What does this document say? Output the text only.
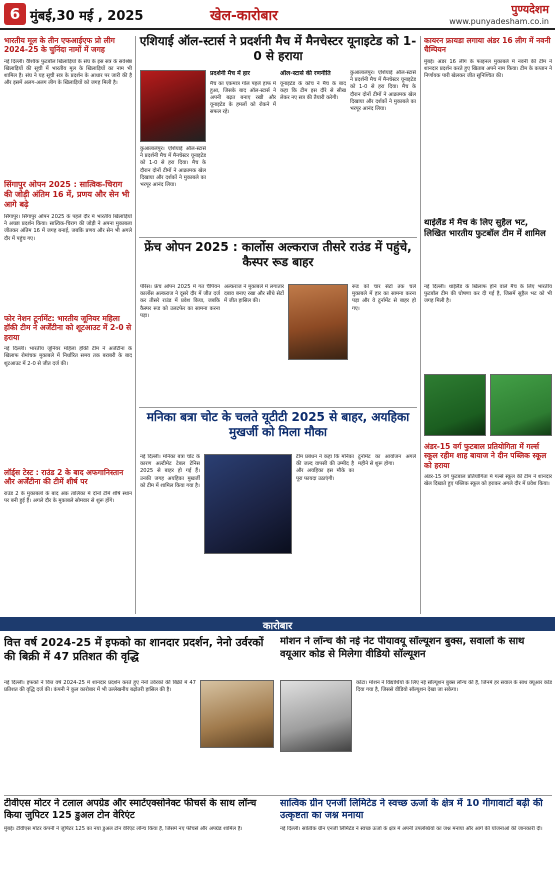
6 मुंबई,30 मई , 2025	खेल-कारोबार	पुण्यदेशम
www.punyadesham.co.in
भारतीय मूल के तीन एफआईएफ प्रो लीग 2024-25 के चुनिंदा नामों में जगह
नई दिल्ली। वैश्विक फुटबॉल खिलाड़ियों के संघ के इस सत्र के सर्वश्रेष्ठ खिलाड़ियों की सूची में भारतीय मूल के खिलाड़ियों का नाम भी शामिल है। संघ ने यह सूची सत्र के प्रदर्शन के आधार पर जारी की है और इसमें अलग-अलग लीग के खिलाड़ियों को जगह मिली है।
सिंगापुर ओपन 2025 : सात्विक-चिराग की जोड़ी अंतिम 16 में, प्रणय और सेन भी आगे बढ़े
सिंगापुर। सिंगापुर ओपन 2025 के पहले दौर में भारतीय खिलाड़ियों ने अच्छा प्रदर्शन किया। सात्विक-चिराग की जोड़ी ने अपना मुकाबला जीतकर अंतिम 16 में जगह बनाई, जबकि प्रणय और सेन भी अगले दौर में पहुंच गए।
फोर नेशन टूर्नामेंट: भारतीय जूनियर महिला हॉकी टीम ने अर्जेंटीना को शूटआउट में 2-0 से हराया
नई दिल्ली। भारतीय जूनियर महिला हॉकी टीम ने अर्जेंटीना के खिलाफ रोमांचक मुकाबले में निर्धारित समय तक बराबरी के बाद शूटआउट में 2-0 से जीत दर्ज की।
लॉर्ड्स टेस्ट : राउंड 2 के बाद अफगानिस्तान और अर्जेंटीना की टीमें शीर्ष पर
राउंड 2 के मुकाबलों के बाद अंक तालिका में दोनों टीमें शीर्ष स्थान पर बनी हुई हैं। अगले दौर के मुकाबले सोमवार से शुरू होंगे।
एशियाई ऑल-स्टार्स ने प्रदर्शनी मैच में मैनचेस्टर यूनाइटेड को 1-0 से हराया
कुआलालंपुर। एशियाई ऑल-स्टार्स ने प्रदर्शनी मैच में मैनचेस्टर यूनाइटेड को 1-0 से हरा दिया। मैच के दौरान दोनों टीमों ने आक्रामक खेल दिखाया और दर्शकों ने मुकाबले का भरपूर आनंद लिया।
प्रदर्शनी मैच में हार
मैच का एकमात्र गोल पहले हाफ में हुआ, जिसके बाद ऑल-स्टार्स ने अपनी बढ़त बनाए रखी और यूनाइटेड के हमलों को रोकने में सफल रहे।
ऑल-स्टार्स की रणनीति
यूनाइटेड के कोच ने मैच के बाद कहा कि टीम इस दौरे से सीख लेकर नए सत्र की तैयारी करेगी।
कुआलालंपुर। एशियाई ऑल-स्टार्स ने प्रदर्शनी मैच में मैनचेस्टर यूनाइटेड को 1-0 से हरा दिया। मैच के दौरान दोनों टीमों ने आक्रामक खेल दिखाया और दर्शकों ने मुकाबले का भरपूर आनंद लिया।
फ्रेंच ओपन 2025 : कार्लोस अल्कराज तीसरे राउंड में पहुंचे, कैस्पर रूड बाहर
पेरिस। फ्रेंच ओपन 2025 में गत चैंपियन कार्लोस अल्कराज ने दूसरे दौर में जीत दर्ज कर तीसरे राउंड में प्रवेश किया, जबकि कैस्पर रूड को उलटफेर का सामना करना पड़ा।
अल्कराज ने मुकाबले में लगातार दबाव बनाए रखा और सीधे सेटों में जीत हासिल की।
रूड को चार सेटों तक चले मुकाबले में हार का सामना करना पड़ा और वे टूर्नामेंट से बाहर हो गए।
मनिका बत्रा चोट के चलते यूटीटी 2025 से बाहर, अयहिका मुखर्जी को मिला मौका
नई दिल्ली। मनिका बत्रा चोट के कारण अल्टीमेट टेबल टेनिस 2025 से बाहर हो गई हैं। उनकी जगह अयहिका मुखर्जी को टीम में शामिल किया गया है।
टीम प्रबंधन ने कहा कि मनिका की जल्द वापसी की उम्मीद है और अयहिका इस मौके का पूरा फायदा उठाएंगी।
टूर्नामेंट का आयोजन अगले महीने से शुरू होगा।
कायरन फ्रायडा लगाया अंडर 16 लीग में नवनी चैम्पियन
मुंबई। अंडर 16 लीग के फाइनल मुकाबले में नवनी की टीम ने शानदार प्रदर्शन करते हुए खिताब अपने नाम किया। टीम के कप्तान ने निर्णायक पारी खेलकर जीत सुनिश्चित की।
थाईलैंड में मैच के लिए सुहैल भट, लिखित भारतीय फुटबॉल टीम में शामिल
नई दिल्ली। थाईलैंड के खिलाफ होने वाले मैच के लिए भारतीय फुटबॉल टीम की घोषणा कर दी गई है, जिसमें सुहैल भट को भी जगह मिली है।
अंडर-15 वर्ग फुटबाल प्रतियोगिता में गर्ल्स स्कूल रहीम शाह बायाज ने दीन पब्लिक स्कूल को हराया
अंडर-15 वर्ग फुटबाल प्रतियोगिता में गर्ल्स स्कूल की टीम ने शानदार खेल दिखाते हुए पब्लिक स्कूल को हराकर अगले दौर में प्रवेश किया।
कारोबार
वित्त वर्ष 2024-25 में इफको का शानदार प्रदर्शन, नेनो उर्वरकों की बिक्री में 47 प्रतिशत की वृद्धि
नई दिल्ली। इफको ने वित्त वर्ष 2024-25 में शानदार प्रदर्शन करते हुए नेनो उर्वरकों की बिक्री में 47 प्रतिशत की वृद्धि दर्ज की। कंपनी ने कुल कारोबार में भी उल्लेखनीय बढ़ोतरी हासिल की है।
मोशन ने लॉन्च की नई नेट पीयावयू सॉल्यूशन बुक्स, सवालों के साथ वयूआर कोड से मिलेगा वीडियो सॉल्यूशन
कोटा। मोशन ने विद्यार्थियों के लिए नई सॉल्यूशन बुक्स लॉन्च की हैं, जिनमें हर सवाल के साथ क्यूआर कोड दिया गया है, जिससे वीडियो सॉल्यूशन देखा जा सकेगा।
टीवीएस मोटर ने टलाल अपग्रेड और स्मार्टएक्सोनेक्ट फीचर्स के साथ लॉन्च किया जुपिटर 125 डुअल टोन वेरिएंट
मुंबई। टीवीएस मोटर कंपनी ने जुपिटर 125 का नया डुअल टोन वेरिएंट लॉन्च किया है, जिसमें नए फीचर्स और अपग्रेड शामिल हैं।
सात्विक ग्रीन एनर्जी लिमिटेड ने स्वच्छ ऊर्जा के क्षेत्र में 10 गीगावाटों बढ़ी की उत्कृष्टता का जश्न मनाया
नई दिल्ली। सात्विक ग्रीन एनर्जी लिमिटेड ने स्वच्छ ऊर्जा के क्षेत्र में अपनी उपलब्धियों का जश्न मनाया और आगे की योजनाओं की जानकारी दी।
